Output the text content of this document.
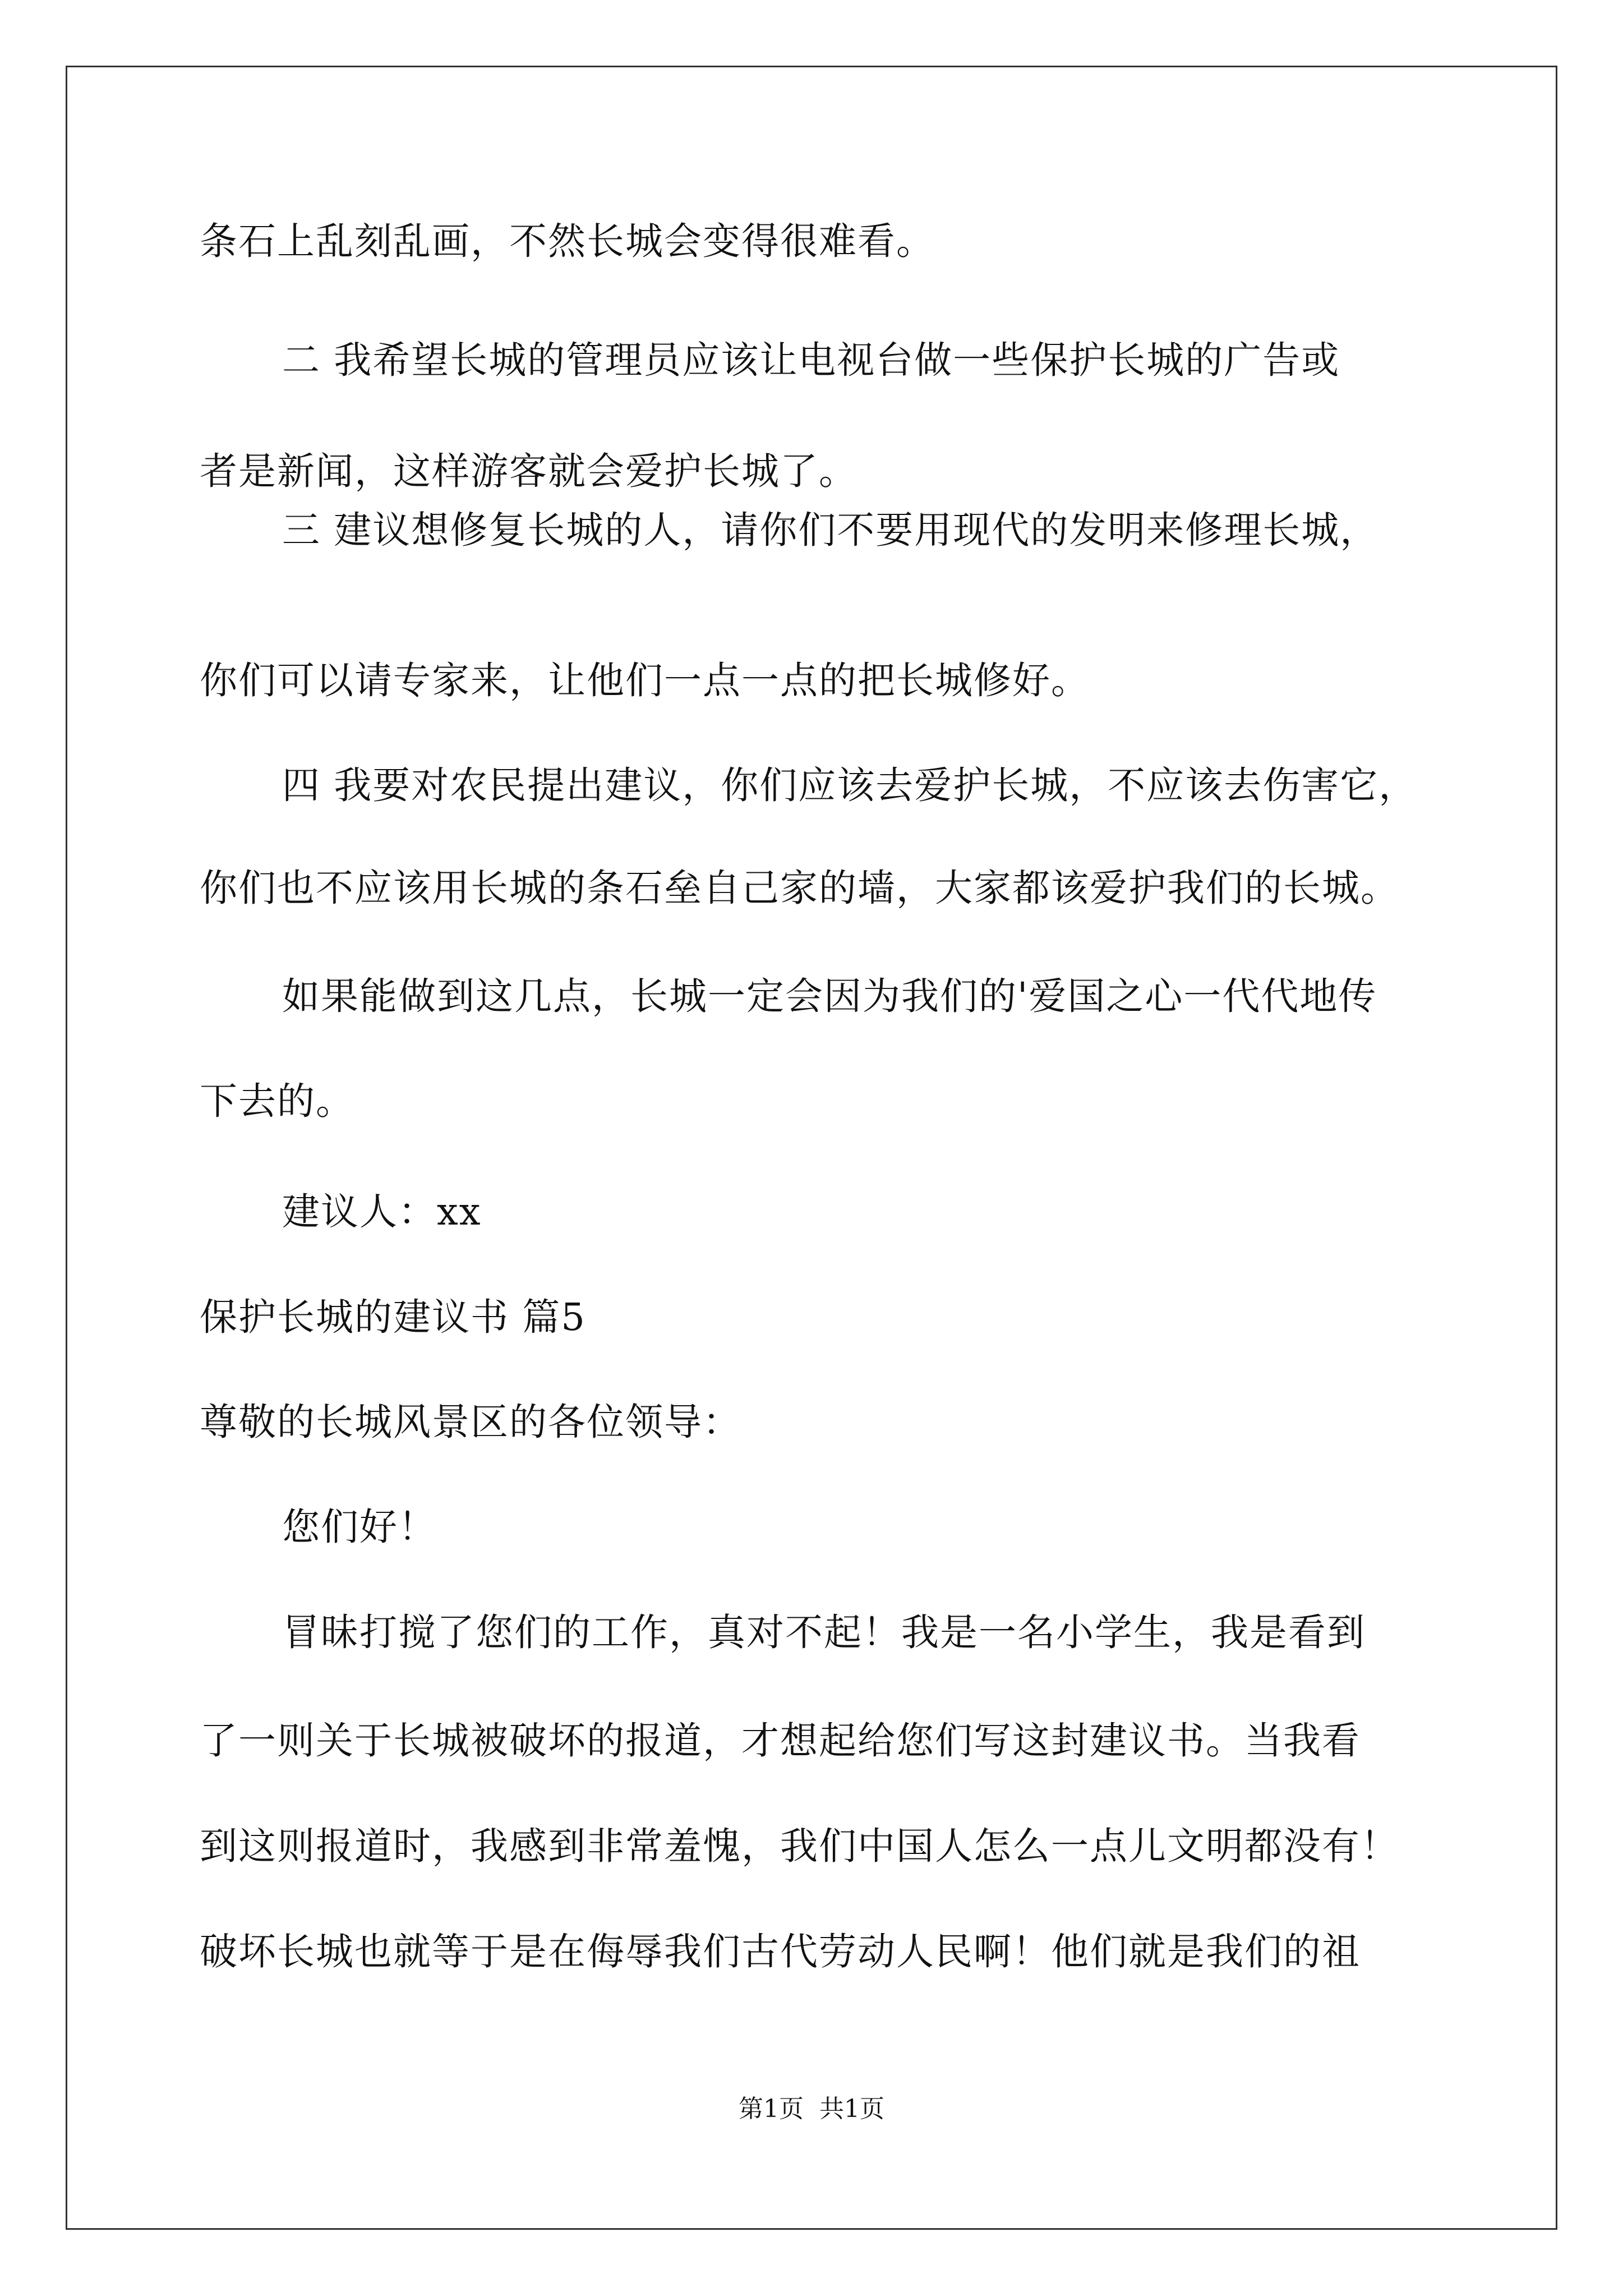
条石上乱刻乱画，不然长城会变得很难看。
二 我希望长城的管理员应该让电视台做一些保护长城的广告或
者是新闻，这样游客就会爱护长城了。
三 建议想修复长城的人，请你们不要用现代的发明来修理长城，
你们可以请专家来，让他们一点一点的把长城修好。
四 我要对农民提出建议，你们应该去爱护长城，不应该去伤害它，
你们也不应该用长城的条石垒自己家的墙，大家都该爱护我们的长城。
如果能做到这几点，长城一定会因为我们的'爱国之心一代代地传
下去的。
建议人：xx
保护长城的建议书 篇5
尊敬的长城风景区的各位领导：
您们好！
冒昧打搅了您们的工作，真对不起！我是一名小学生，我是看到
了一则关于长城被破坏的报道，才想起给您们写这封建议书。当我看
到这则报道时，我感到非常羞愧，我们中国人怎么一点儿文明都没有！
破坏长城也就等于是在侮辱我们古代劳动人民啊！他们就是我们的祖
第1页  共1页
